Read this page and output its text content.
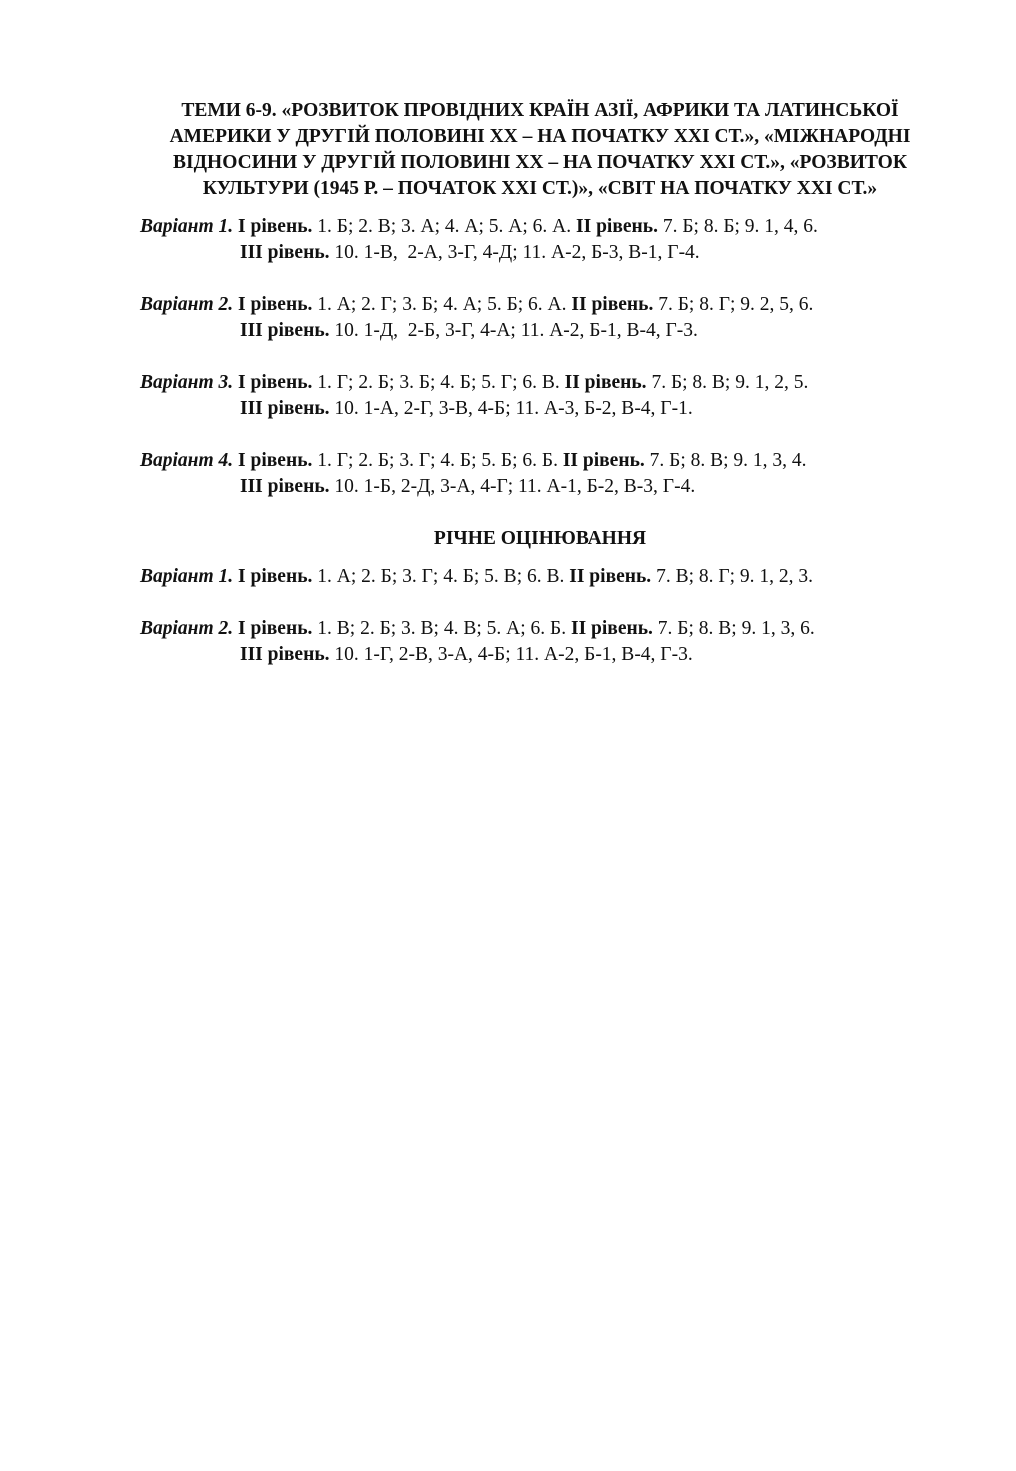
ТЕМИ 6-9. «РОЗВИТОК ПРОВІДНИХ КРАЇН АЗІЇ, АФРИКИ ТА ЛАТИНСЬКОЇ
АМЕРИКИ У ДРУГІЙ ПОЛОВИНІ ХХ – НА ПОЧАТКУ ХХІ СТ.», «МІЖНАРОДНІ
ВІДНОСИНИ У ДРУГІЙ ПОЛОВИНІ ХХ – НА ПОЧАТКУ ХХІ СТ.», «РОЗВИТОК
КУЛЬТУРИ (1945 Р. – ПОЧАТОК ХХІ СТ.)», «СВІТ НА ПОЧАТКУ ХХІ СТ.»
Варіант 1. І рівень. 1. Б; 2. В; 3. А; 4. А; 5. А; 6. А. ІІ рівень. 7. Б; 8. Б; 9. 1, 4, 6.
ІІІ рівень. 10. 1-В,  2-А, 3-Г, 4-Д; 11. А-2, Б-3, В-1, Г-4.
Варіант 2. І рівень. 1. А; 2. Г; 3. Б; 4. А; 5. Б; 6. А. ІІ рівень. 7. Б; 8. Г; 9. 2, 5, 6.
ІІІ рівень. 10. 1-Д,  2-Б, 3-Г, 4-А; 11. А-2, Б-1, В-4, Г-3.
Варіант 3. І рівень. 1. Г; 2. Б; 3. Б; 4. Б; 5. Г; 6. В. ІІ рівень. 7. Б; 8. В; 9. 1, 2, 5.
ІІІ рівень. 10. 1-А, 2-Г, 3-В, 4-Б; 11. А-3, Б-2, В-4, Г-1.
Варіант 4. І рівень. 1. Г; 2. Б; 3. Г; 4. Б; 5. Б; 6. Б. ІІ рівень. 7. Б; 8. В; 9. 1, 3, 4.
ІІІ рівень. 10. 1-Б, 2-Д, 3-А, 4-Г; 11. А-1, Б-2, В-3, Г-4.
РІЧНЕ ОЦІНЮВАННЯ
Варіант 1. І рівень. 1. А; 2. Б; 3. Г; 4. Б; 5. В; 6. В. ІІ рівень. 7. В; 8. Г; 9. 1, 2, 3.
Варіант 2. І рівень. 1. В; 2. Б; 3. В; 4. В; 5. А; 6. Б. ІІ рівень. 7. Б; 8. В; 9. 1, 3, 6.
ІІІ рівень. 10. 1-Г, 2-В, 3-А, 4-Б; 11. А-2, Б-1, В-4, Г-3.
